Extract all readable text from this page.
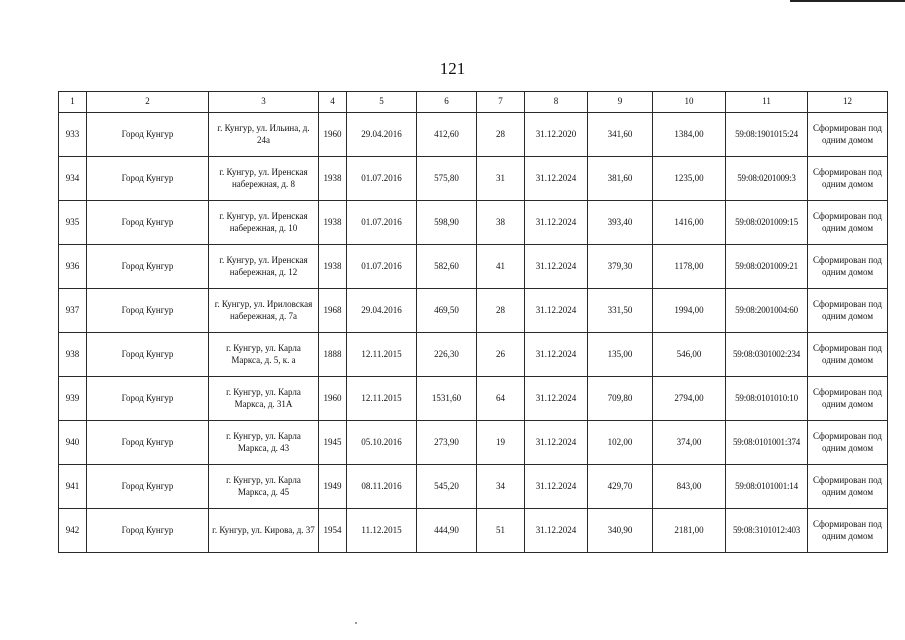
121
1	2	3	4	5	6	7	8	9	10	11	12
933	Город Кунгур	г. Кунгур, ул. Ильина, д. 24а	1960	29.04.2016	412,60	28	31.12.2020	341,60	1384,00	59:08:1901015:24	Сформирован под одним домом
934	Город Кунгур	г. Кунгур, ул. Иренская набережная, д. 8	1938	01.07.2016	575,80	31	31.12.2024	381,60	1235,00	59:08:0201009:3	Сформирован под одним домом
935	Город Кунгур	г. Кунгур, ул. Иренская набережная, д. 10	1938	01.07.2016	598,90	38	31.12.2024	393,40	1416,00	59:08:0201009:15	Сформирован под одним домом
936	Город Кунгур	г. Кунгур, ул. Иренская набережная, д. 12	1938	01.07.2016	582,60	41	31.12.2024	379,30	1178,00	59:08:0201009:21	Сформирован под одним домом
937	Город Кунгур	г. Кунгур, ул. Ириловская набережная, д. 7а	1968	29.04.2016	469,50	28	31.12.2024	331,50	1994,00	59:08:2001004:60	Сформирован под одним домом
938	Город Кунгур	г. Кунгур, ул. Карла Маркса, д. 5, к. а	1888	12.11.2015	226,30	26	31.12.2024	135,00	546,00	59:08:0301002:234	Сформирован под одним домом
939	Город Кунгур	г. Кунгур, ул. Карла Маркса, д. 31А	1960	12.11.2015	1531,60	64	31.12.2024	709,80	2794,00	59:08:0101010:10	Сформирован под одним домом
940	Город Кунгур	г. Кунгур, ул. Карла Маркса, д. 43	1945	05.10.2016	273,90	19	31.12.2024	102,00	374,00	59:08:0101001:374	Сформирован под одним домом
941	Город Кунгур	г. Кунгур, ул. Карла Маркса, д. 45	1949	08.11.2016	545,20	34	31.12.2024	429,70	843,00	59:08:0101001:14	Сформирован под одним домом
942	Город Кунгур	г. Кунгур, ул. Кирова, д. 37	1954	11.12.2015	444,90	51	31.12.2024	340,90	2181,00	59:08:3101012:403	Сформирован под одним домом
